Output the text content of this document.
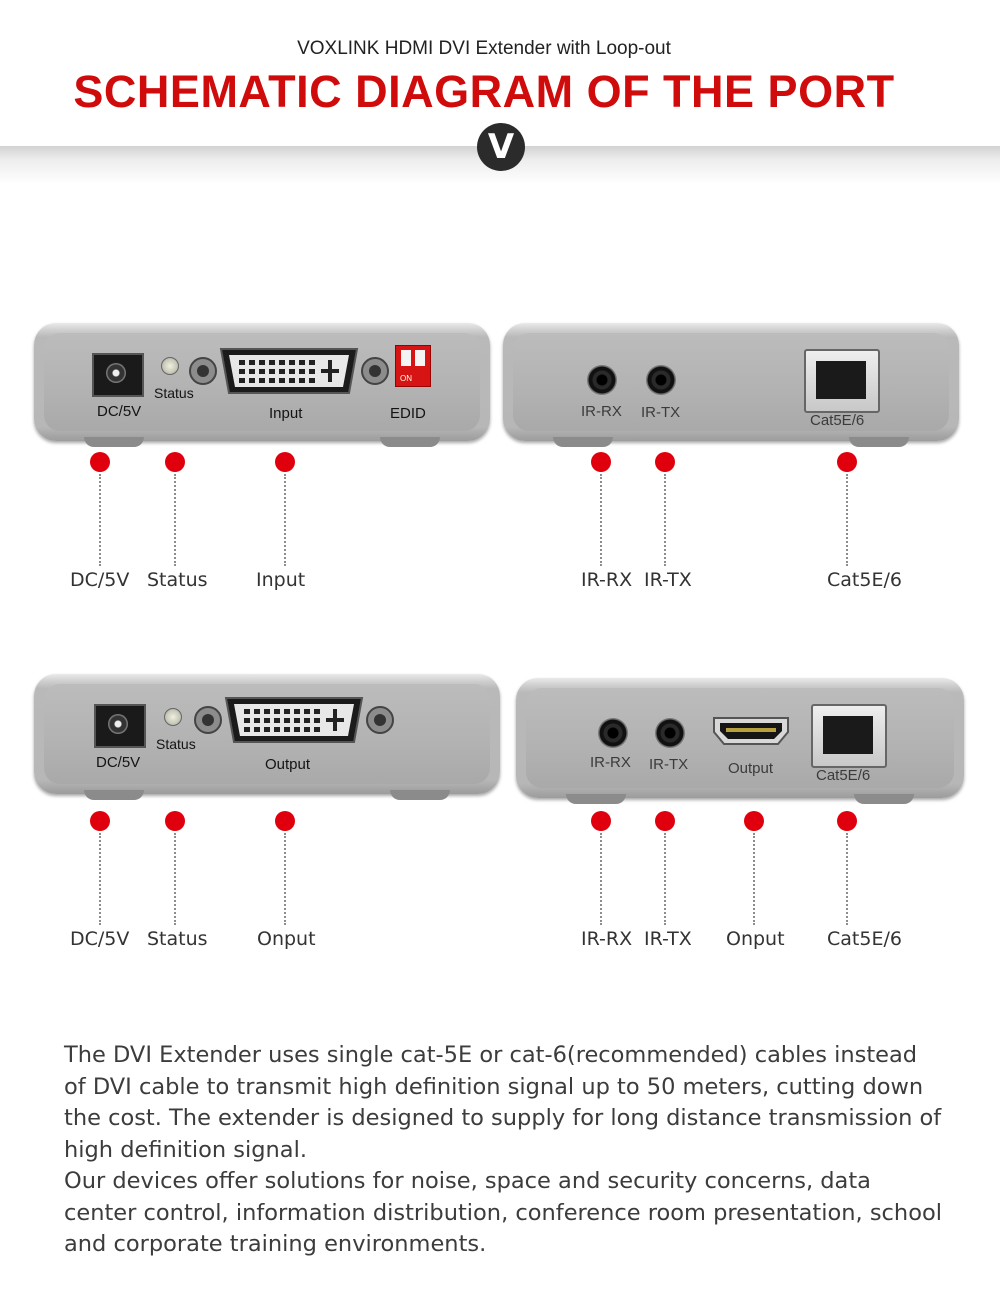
VOXLINK HDMI DVI Extender with Loop-out
SCHEMATIC DIAGRAM OF THE PORT
V
ON
DC/5V
Status
Input	EDID	IR-RX IR-TX	Cat5E/6
DC/5V Status	Input	IR-RX IR-TX	Cat5E/6
DC/5V
Status
Output	IR-RX IR-TX	Output	Cat5E/6
DC/5V Status	Onput	IR-RX IR-TX Onput Cat5E/6

The DVI Extender uses single cat-5E or cat-6(recommended) cables instead of DVI cable to transmit high definition signal up to 50 meters, cutting down the cost. The extender is designed to supply for long distance transmission of high definition signal.

Our devices offer solutions for noise, space and security concerns, data center control, information distribution, conference room presentation, school and corporate training environments.
